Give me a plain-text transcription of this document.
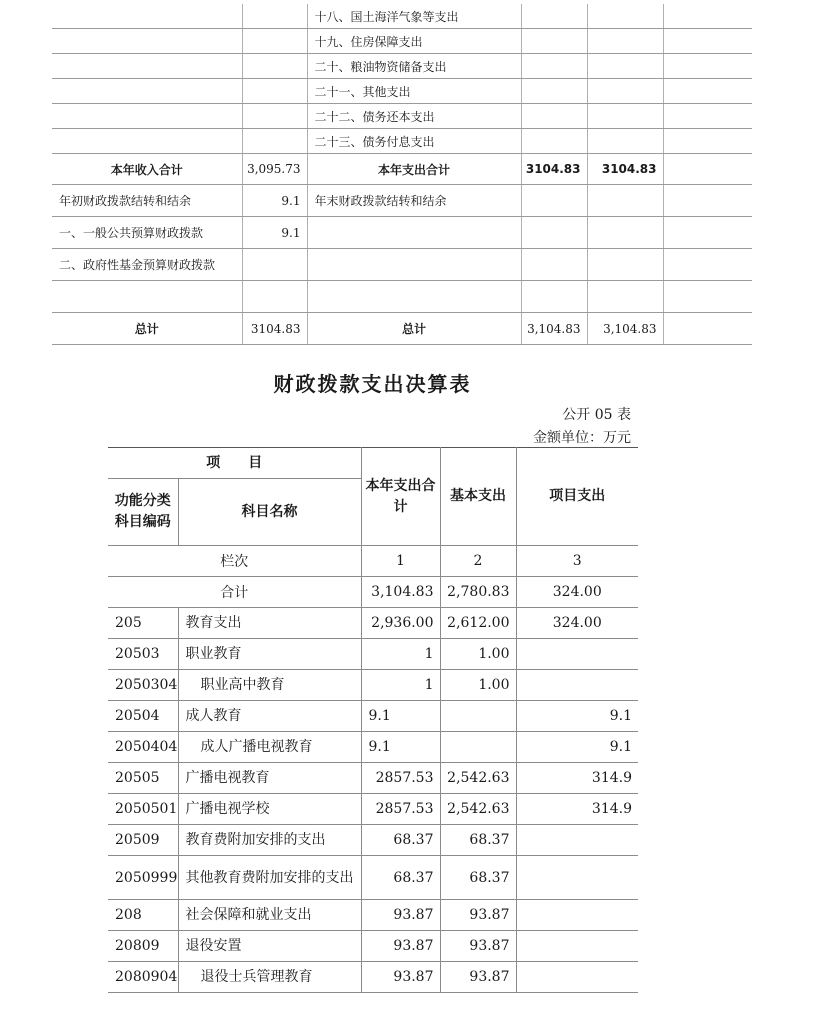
		十八、国土海洋气象等支出			
		十九、住房保障支出			
		二十、粮油物资储备支出			
		二十一、其他支出			
		二十二、债务还本支出			
		二十三、债务付息支出			
本年收入合计	3,095.73	本年支出合计	3104.83	3104.83	
年初财政拨款结转和结余	9.1	年末财政拨款结转和结余			
一、一般公共预算财政拨款	9.1				
二、政府性基金预算财政拨款					

总计	3104.83	总计	3,104.83	3,104.83	
财政拨款支出决算表
公开 05 表
金额单位：万元
项　　目		本年支出合计	基本支出	项目支出
功能分类科目编码	科目名称			
栏次		1	2	3
合计		3,104.83	2,780.83	324.00
205	教育支出	2,936.00	2,612.00	324.00
20503	职业教育	1	1.00	
2050304	职业高中教育	1	1.00	
20504	成人教育	9.1		9.1
2050404	成人广播电视教育	9.1		9.1
20505	广播电视教育	2857.53	2,542.63	314.9
2050501	广播电视学校	2857.53	2,542.63	314.9
20509	教育费附加安排的支出	68.37	68.37	
2050999	其他教育费附加安排的支出	68.37	68.37	
208	社会保障和就业支出	93.87	93.87	
20809	退役安置	93.87	93.87	
2080904	退役士兵管理教育	93.87	93.87	
